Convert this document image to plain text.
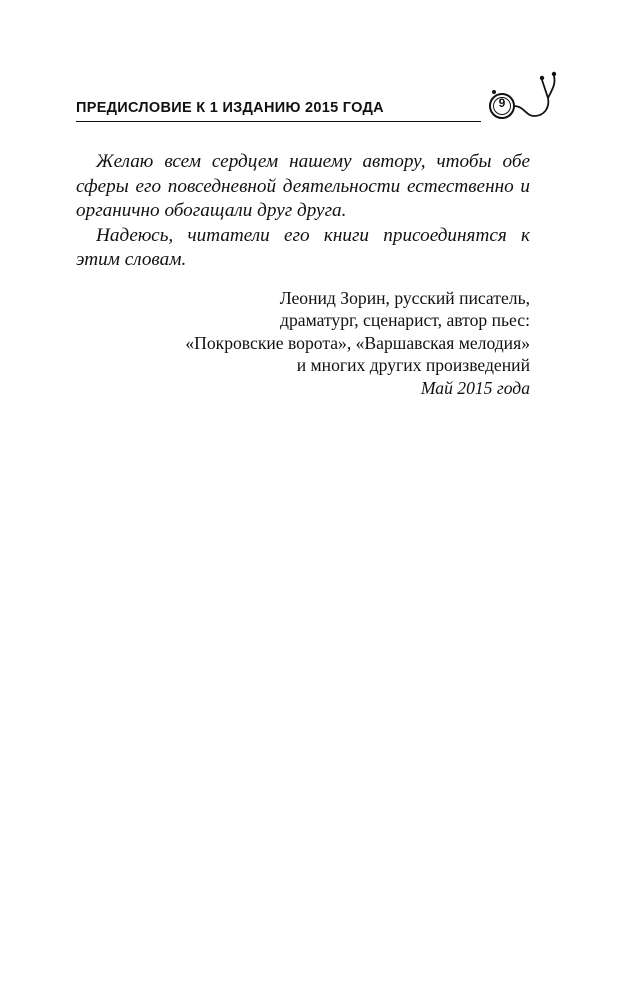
ПРЕДИСЛОВИЕ К 1 ИЗДАНИЮ 2015 ГОДА	9

Желаю всем сердцем нашему автору, чтобы обе сферы его повседневной деятельности естественно и органично обогащали друг друга.

Надеюсь, читатели его книги присоединятся к этим словам.

Леонид Зорин, русский писатель,
драматург, сценарист, автор пьес:
«Покровские ворота», «Варшавская мелодия»
и многих других произведений
Май 2015 года
